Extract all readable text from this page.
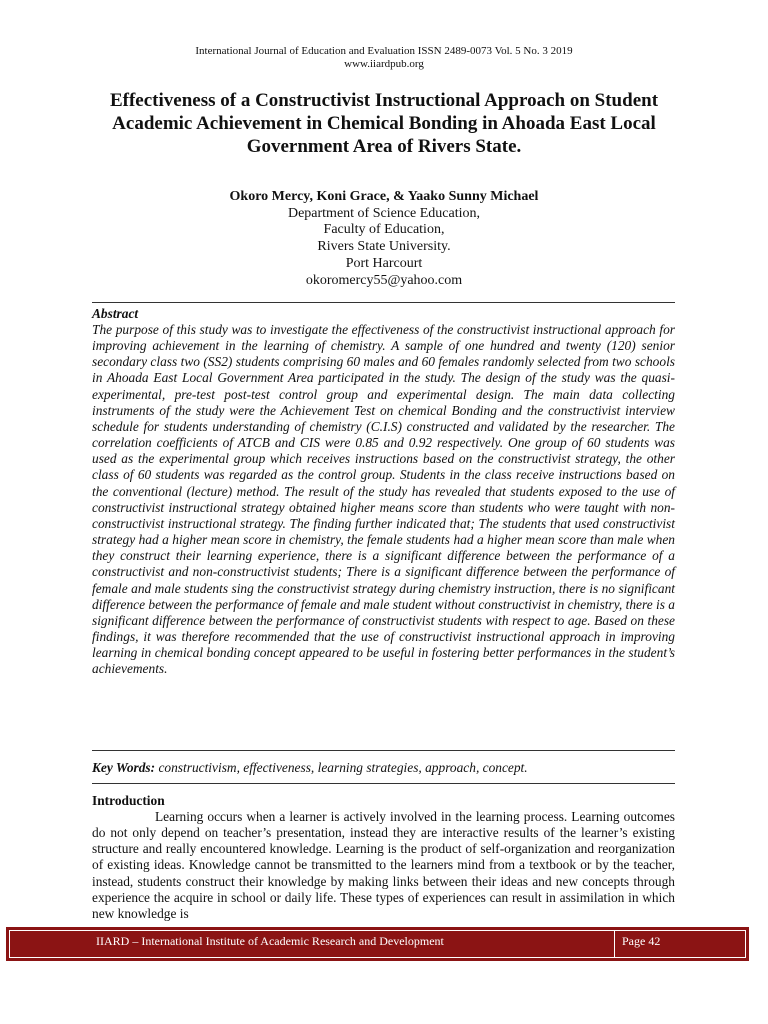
International Journal of Education and Evaluation ISSN 2489-0073 Vol. 5 No. 3 2019
www.iiardpub.org
Effectiveness of a Constructivist Instructional Approach on Student Academic Achievement in Chemical Bonding in Ahoada East Local Government Area of Rivers State.
Okoro Mercy, Koni Grace, & Yaako Sunny Michael
Department of Science Education,
Faculty of Education,
Rivers State University.
Port Harcourt
okoromercy55@yahoo.com
Abstract
The purpose of this study was to investigate the effectiveness of the constructivist instructional approach for improving achievement in the learning of chemistry. A sample of one hundred and twenty (120) senior secondary class two (SS2) students comprising 60 males and 60 females randomly selected from two schools in Ahoada East Local Government Area participated in the study. The design of the study was the quasi-experimental, pre-test post-test control group and experimental design. The main data collecting instruments of the study were the Achievement Test on chemical Bonding and the constructivist interview schedule for students understanding of chemistry (C.I.S) constructed and validated by the researcher. The correlation coefficients of ATCB and CIS were 0.85 and 0.92 respectively. One group of 60 students was used as the experimental group which receives instructions based on the constructivist strategy, the other class of 60 students was regarded as the control group. Students in the class receive instructions based on the conventional (lecture) method. The result of the study has revealed that students exposed to the use of constructivist instructional strategy obtained higher means score than students who were taught with non-constructivist instructional strategy. The finding further indicated that; The students that used constructivist strategy had a higher mean score in chemistry, the female students had a higher mean score than male when they construct their learning experience, there is a significant difference between the performance of a constructivist and non-constructivist students; There is a significant difference between the performance of female and male students sing the constructivist strategy during chemistry instruction, there is no significant difference between the performance of female and male student without constructivist in chemistry, there is a significant difference between the performance of constructivist students with respect to age. Based on these findings, it was therefore recommended that the use of constructivist instructional approach in improving learning in chemical bonding concept appeared to be useful in fostering better performances in the student’s achievements.
Key Words: constructivism, effectiveness, learning strategies, approach, concept.
Introduction
Learning occurs when a learner is actively involved in the learning process. Learning outcomes do not only depend on teacher’s presentation, instead they are interactive results of the learner’s existing structure and really encountered knowledge. Learning is the product of self-organization and reorganization of existing ideas. Knowledge cannot be transmitted to the learners mind from a textbook or by the teacher, instead, students construct their knowledge by making links between their ideas and new concepts through experience the acquire in school or daily life. These types of experiences can result in assimilation in which new knowledge is
IIARD – International Institute of Academic Research and Development	Page 42
